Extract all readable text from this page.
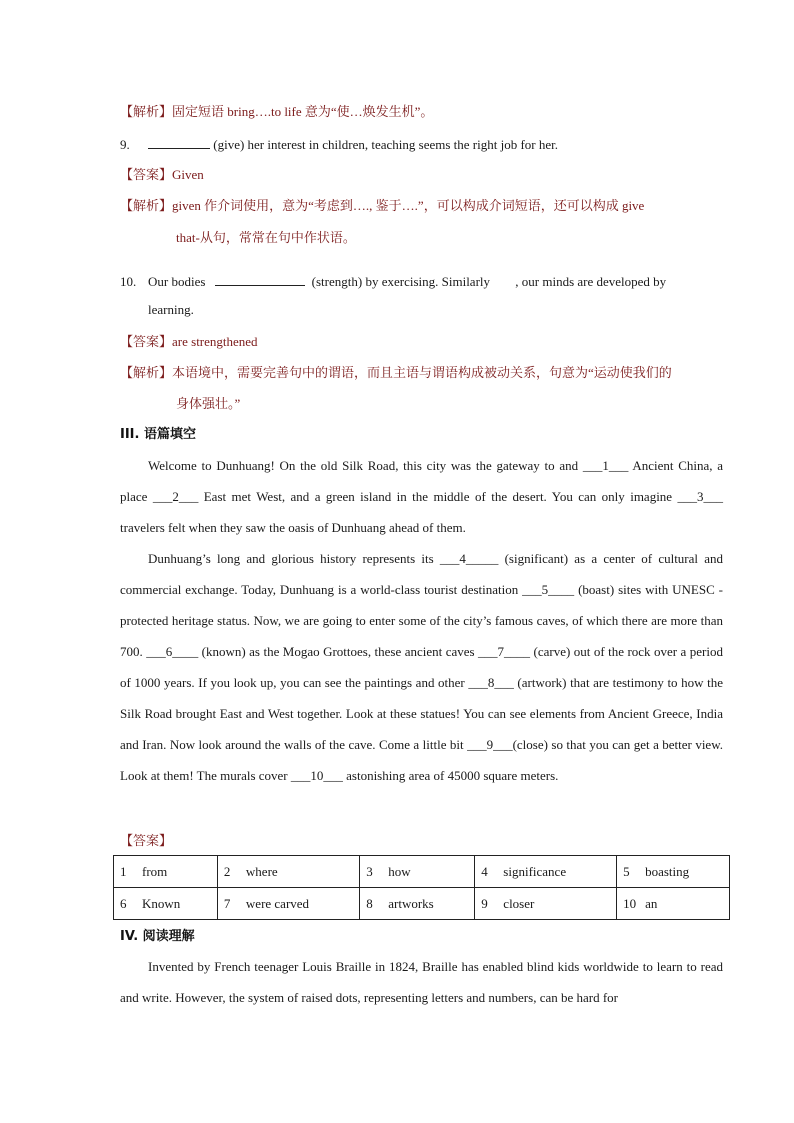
【解析】固定短语 bring….to life 意为“使…焕发生机”。
9.	(give) her interest in children, teaching seems the right job for her.
【答案】Given
【解析】given 作介词使用，意为“考虑到…., 鉴于….”，可以构成介词短语，还可以构成 give
that-从句，常常在句中作状语。
10. Our bodies	(strength) by exercising. Similarly , our minds are developed by
learning.
【答案】are strengthened
【解析】本语境中，需要完善句中的谓语，而且主语与谓语构成被动关系，句意为“运动使我们的
身体强壮。”
III. 语篇填空

Welcome to Dunhuang! On the old Silk Road, this city was the gateway to and ___1___ Ancient China, a place ___2___ East met West, and a green island in the middle of the desert. You can only imagine ___3___ travelers felt when they saw the oasis of Dunhuang ahead of them.

Dunhuang’s long and glorious history represents its ___4_____ (significant) as a center of cultural and commercial exchange. Today, Dunhuang is a world-class tourist destination ___5____ (boast) sites with UNESC -protected heritage status. Now, we are going to enter some of the city’s famous caves, of which there are more than 700. ___6____ (known) as the Mogao Grottoes, these ancient caves ___7____ (carve) out of the rock over a period of 1000 years. If you look up, you can see the paintings and other ___8___ (artwork) that are testimony to how the Silk Road brought East and West together. Look at these statues! You can see elements from Ancient Greece, India and Iran. Now look around the walls of the cave. Come a little bit ___9___(close) so that you can get a better view. Look at them! The murals cover ___10___ astonishing area of 45000 square meters.

【答案】
1 from	2 where	3 how	4 significance	5 boasting
6 Known	7 were carved	8 artworks	9 closer	10 an
IV. 阅读理解

Invented by French teenager Louis Braille in 1824, Braille has enabled blind kids worldwide to learn to read and write. However, the system of raised dots, representing letters and numbers, can be hard for
